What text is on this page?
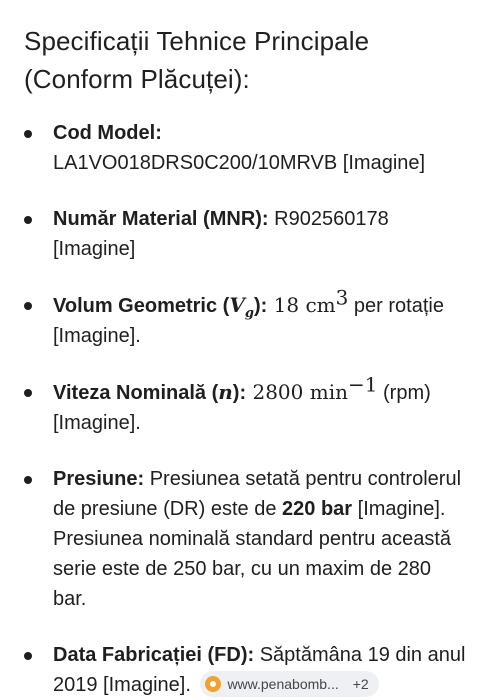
Specificații Tehnice Principale
(Conform Plăcuței):
Cod Model:
LA1VO018DRS0C200/10MRVB [Imagine]
Număr Material (MNR): R902560178 [Imagine]
Volum Geometric $(V_g)$: 18 $cm^3$ per rotație [Imagine].
Viteza Nominală (n): 2800 $\min^{-1} (rpm)$ [Imagine].
Presiune: Presiunea setată pentru controlerul de presiune (DR) este de 220 bar [Imagine]. Presiunea nominală standard pentru această serie este de 250 bar, cu un maxim de 280 bar.
Data Fabricației (FD): Săptămâna 19 din anul 2019 [Imagine].	www.penabomb... +2
